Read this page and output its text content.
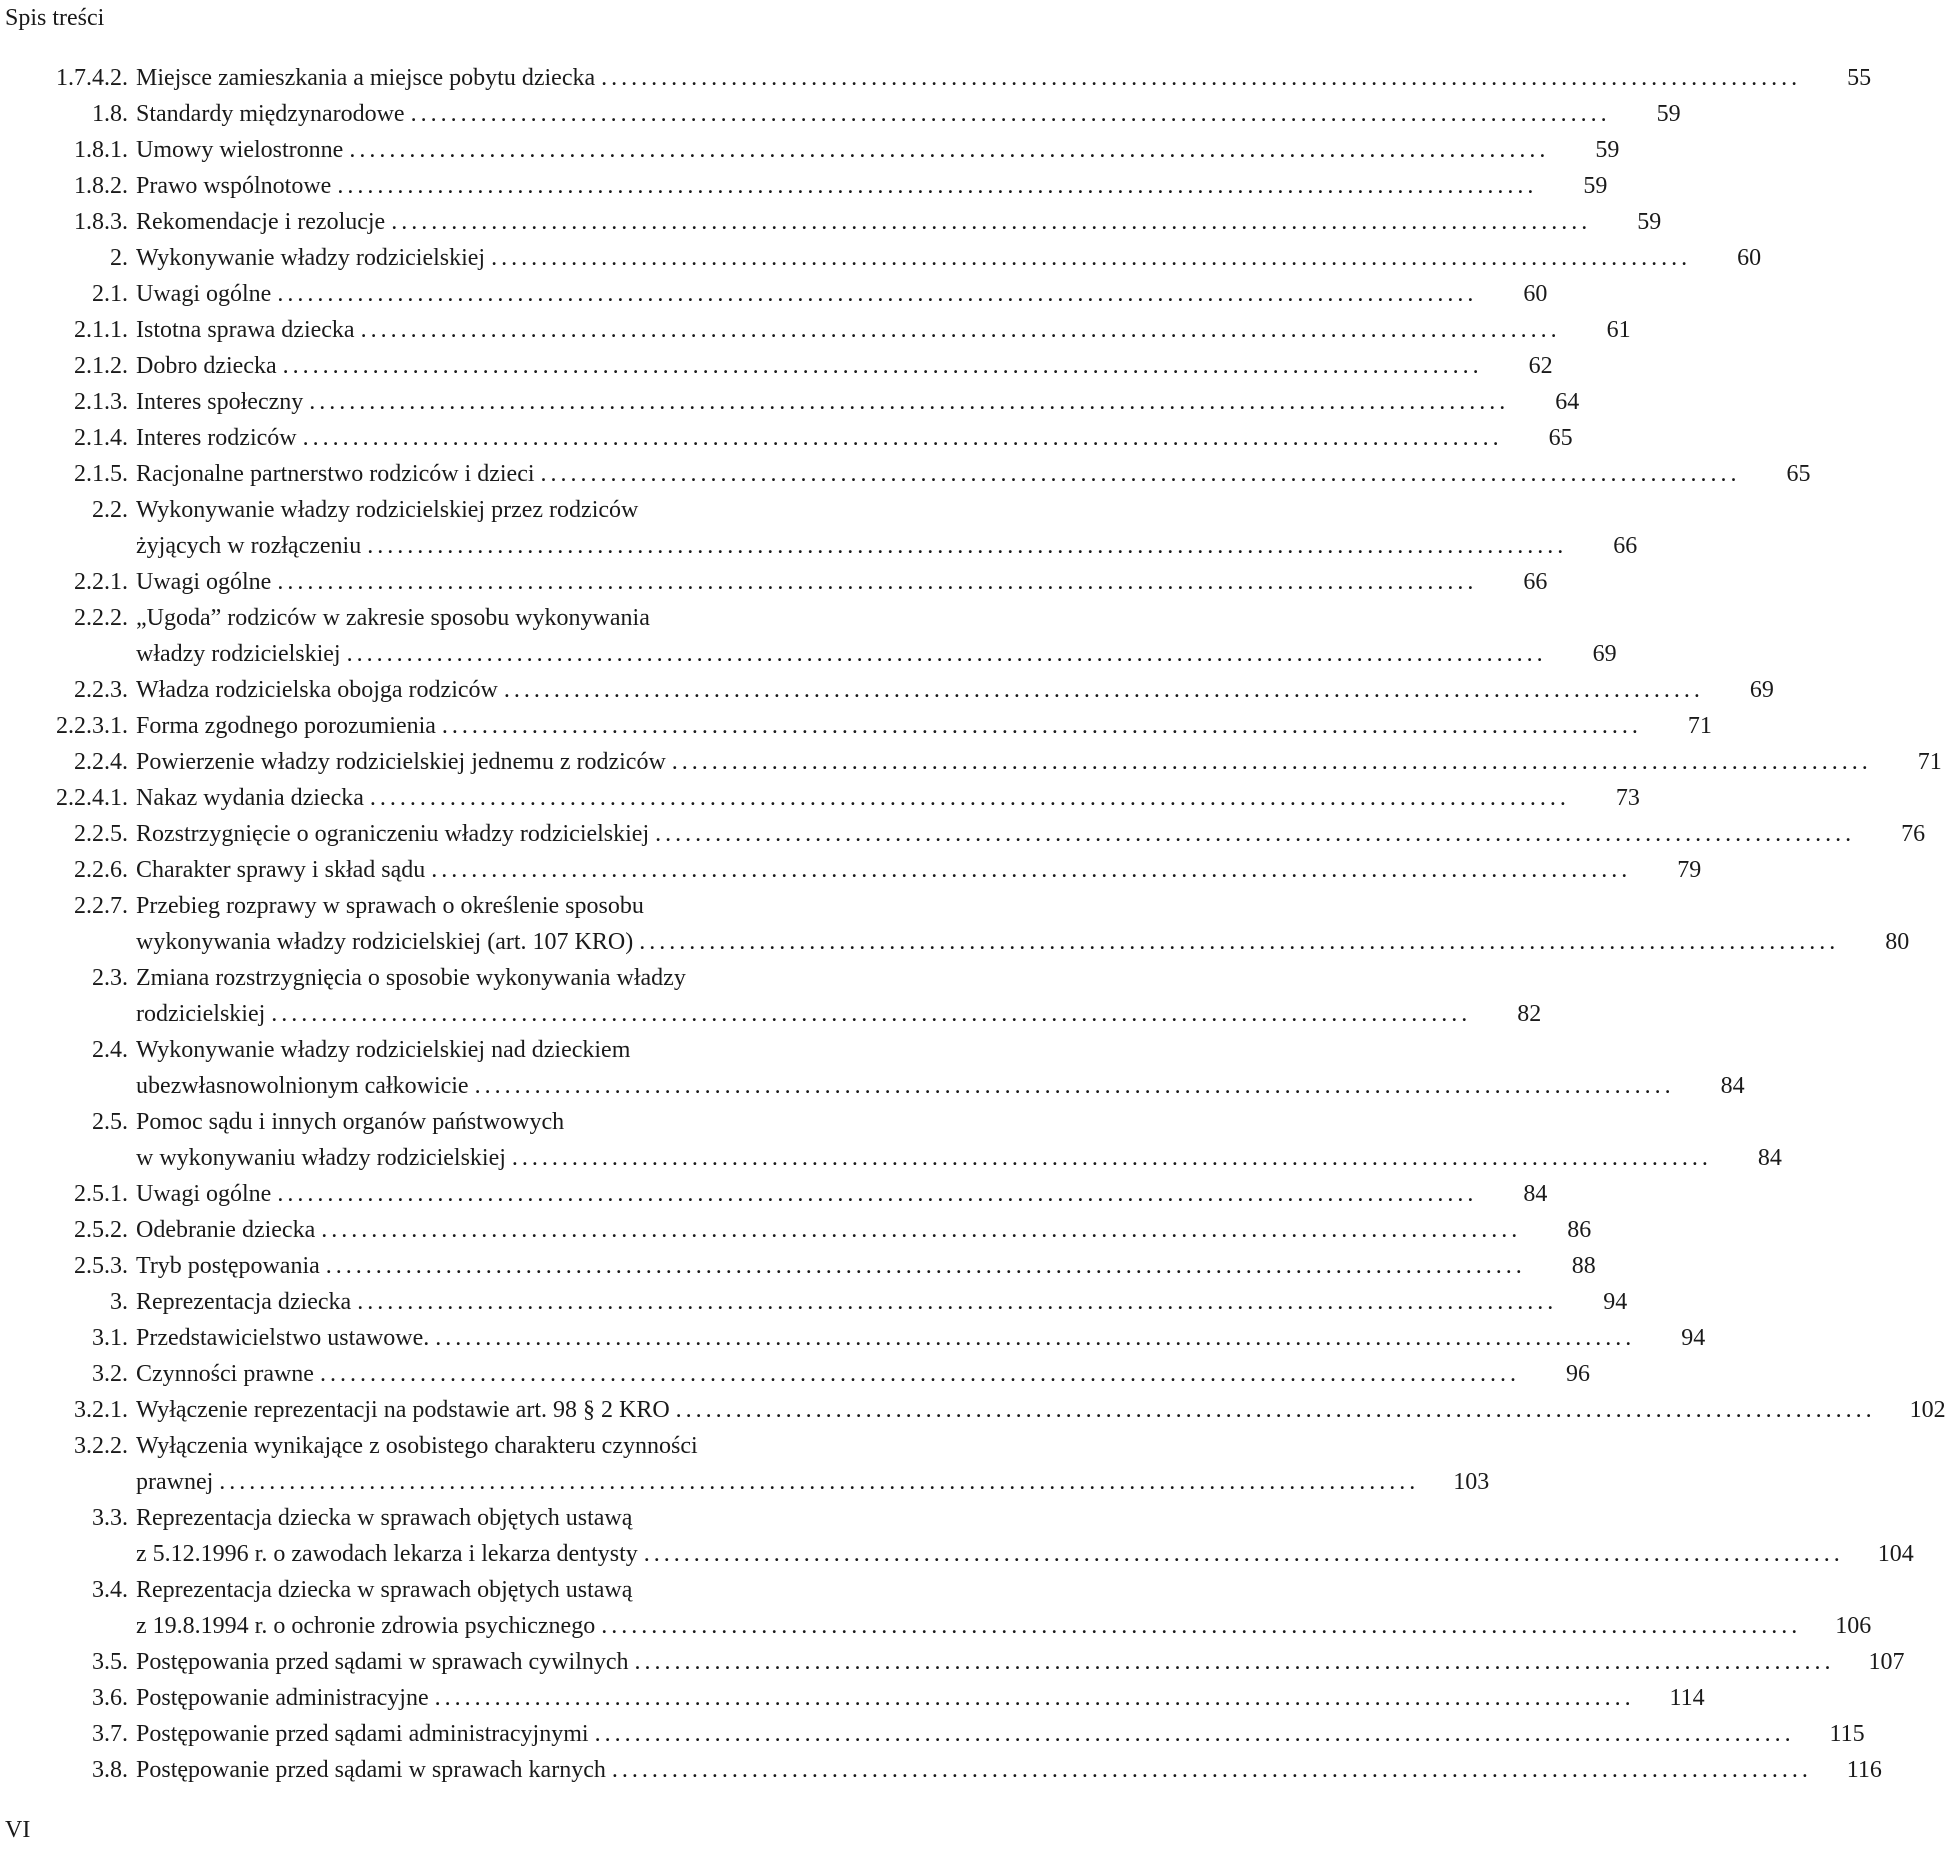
Spis treści
1.7.4.2. Miejsce zamieszkania a miejsce pobytu dziecka ........................................................................................................................	55
1.8. Standardy międzynarodowe ........................................................................................................................	59
1.8.1. Umowy wielostronne ........................................................................................................................	59
1.8.2. Prawo wspólnotowe ........................................................................................................................	59
1.8.3. Rekomendacje i rezolucje ........................................................................................................................	59
2. Wykonywanie władzy rodzicielskiej ........................................................................................................................	60
2.1. Uwagi ogólne ........................................................................................................................	60
2.1.1. Istotna sprawa dziecka ........................................................................................................................	61
2.1.2. Dobro dziecka ........................................................................................................................	62
2.1.3. Interes społeczny ........................................................................................................................	64
2.1.4. Interes rodziców ........................................................................................................................	65
2.1.5. Racjonalne partnerstwo rodziców i dzieci ........................................................................................................................	65
2.2. Wykonywanie władzy rodzicielskiej przez rodziców
żyjących w rozłączeniu ........................................................................................................................	66
2.2.1. Uwagi ogólne ........................................................................................................................	66
2.2.2. „Ugoda” rodziców w zakresie sposobu wykonywania
władzy rodzicielskiej ........................................................................................................................	69
2.2.3. Władza rodzicielska obojga rodziców ........................................................................................................................	69
2.2.3.1. Forma zgodnego porozumienia ........................................................................................................................	71
2.2.4. Powierzenie władzy rodzicielskiej jednemu z rodziców ........................................................................................................................	71
2.2.4.1. Nakaz wydania dziecka ........................................................................................................................	73
2.2.5. Rozstrzygnięcie o ograniczeniu władzy rodzicielskiej ........................................................................................................................	76
2.2.6. Charakter sprawy i skład sądu ........................................................................................................................	79
2.2.7. Przebieg rozprawy w sprawach o określenie sposobu
wykonywania władzy rodzicielskiej (art. 107 KRO) ........................................................................................................................	80
2.3. Zmiana rozstrzygnięcia o sposobie wykonywania władzy
rodzicielskiej ........................................................................................................................	82
2.4. Wykonywanie władzy rodzicielskiej nad dzieckiem
ubezwłasnowolnionym całkowicie ........................................................................................................................	84
2.5. Pomoc sądu i innych organów państwowych
w wykonywaniu władzy rodzicielskiej ........................................................................................................................	84
2.5.1. Uwagi ogólne ........................................................................................................................	84
2.5.2. Odebranie dziecka ........................................................................................................................	86
2.5.3. Tryb postępowania ........................................................................................................................	88
3. Reprezentacja dziecka ........................................................................................................................	94
3.1. Przedstawicielstwo ustawowe. ........................................................................................................................	94
3.2. Czynności prawne ........................................................................................................................	96
3.2.1. Wyłączenie reprezentacji na podstawie art. 98 § 2 KRO ........................................................................................................................	102
3.2.2. Wyłączenia wynikające z osobistego charakteru czynności
prawnej ........................................................................................................................	103
3.3. Reprezentacja dziecka w sprawach objętych ustawą
z 5.12.1996 r. o zawodach lekarza i lekarza dentysty ........................................................................................................................	104
3.4. Reprezentacja dziecka w sprawach objętych ustawą
z 19.8.1994 r. o ochronie zdrowia psychicznego ........................................................................................................................	106
3.5. Postępowania przed sądami w sprawach cywilnych ........................................................................................................................	107
3.6. Postępowanie administracyjne ........................................................................................................................	114
3.7. Postępowanie przed sądami administracyjnymi ........................................................................................................................	115
3.8. Postępowanie przed sądami w sprawach karnych ........................................................................................................................	116
VI
